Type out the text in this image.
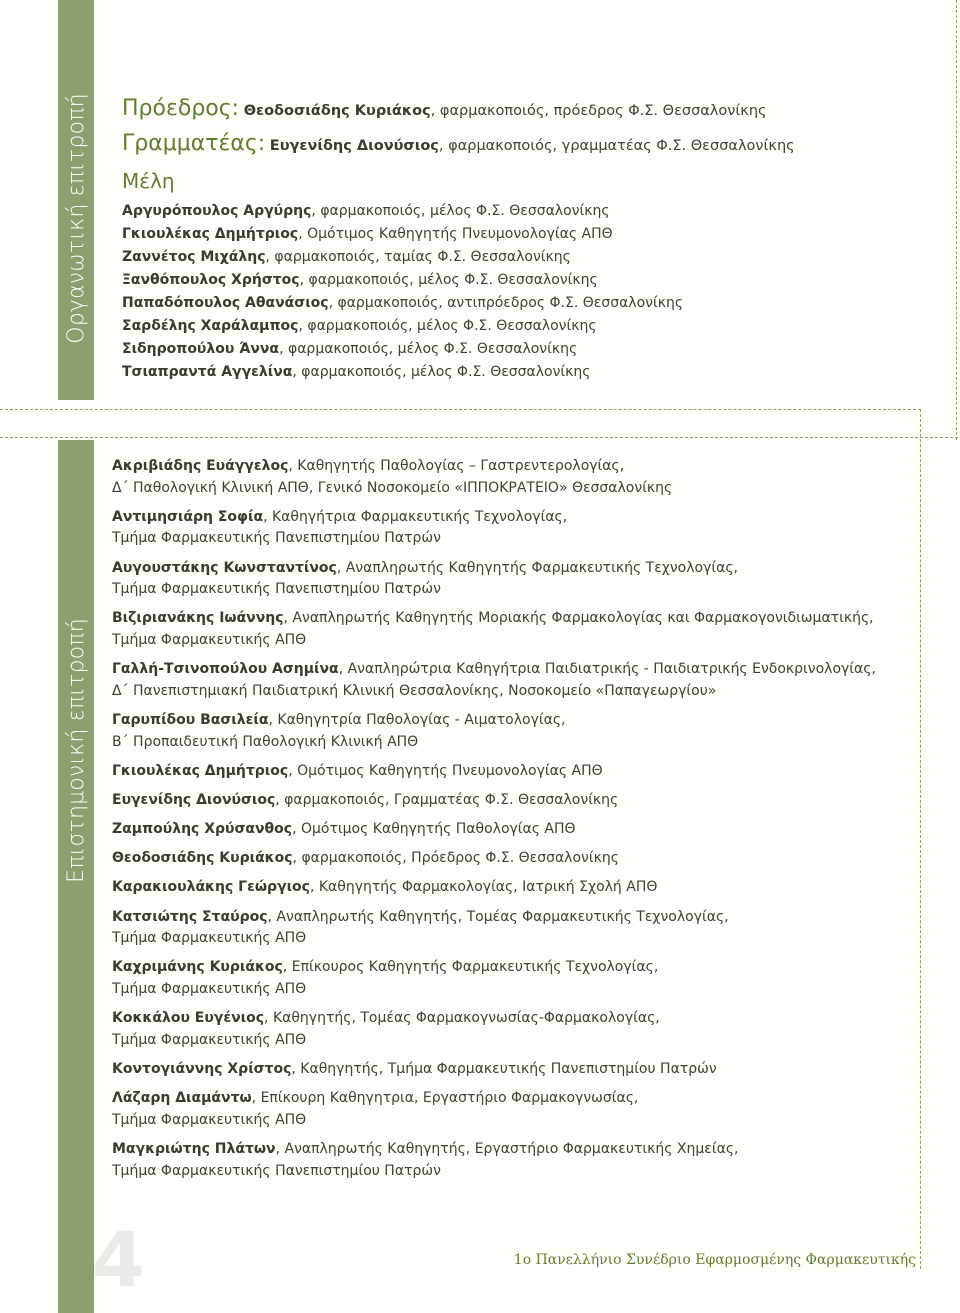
Οργανωτική επιτροπή
Επιστημονική επιτροπή
Πρόεδρος: Θεοδοσιάδης Κυριάκος, φαρμακοποιός, πρόεδρος Φ.Σ. Θεσσαλονίκης
Γραμματέας: Ευγενίδης Διονύσιος, φαρμακοποιός, γραμματέας Φ.Σ. Θεσσαλονίκης
Μέλη
Αργυρόπουλος Αργύρης, φαρμακοποιός, μέλος Φ.Σ. Θεσσαλονίκης
Γκιουλέκας Δημήτριος, Ομότιμος Καθηγητής Πνευμονολογίας ΑΠΘ
Ζαννέτος Μιχάλης, φαρμακοποιός, ταμίας Φ.Σ. Θεσσαλονίκης
Ξανθόπουλος Χρήστος, φαρμακοποιός, μέλος Φ.Σ. Θεσσαλονίκης
Παπαδόπουλος Αθανάσιος, φαρμακοποιός, αντιπρόεδρος Φ.Σ. Θεσσαλονίκης
Σαρδέλης Χαράλαμπος, φαρμακοποιός, μέλος Φ.Σ. Θεσσαλονίκης
Σιδηροπούλου Άννα, φαρμακοποιός, μέλος Φ.Σ. Θεσσαλονίκης
Τσιαπραντά Αγγελίνα, φαρμακοποιός, μέλος Φ.Σ. Θεσσαλονίκης
Ακριβιάδης Ευάγγελος, Καθηγητής Παθολογίας – Γαστρεντερολογίας,
Δ΄ Παθολογική Κλινική ΑΠΘ, Γενικό Νοσοκομείο «ΙΠΠΟΚΡΑΤΕΙΟ» Θεσσαλονίκης
Αντιμησιάρη Σοφία, Καθηγήτρια Φαρμακευτικής Τεχνολογίας,
Τμήμα Φαρμακευτικής Πανεπιστημίου Πατρών
Αυγουστάκης Κωνσταντίνος, Αναπληρωτής Καθηγητής Φαρμακευτικής Τεχνολογίας,
Τμήμα Φαρμακευτικής Πανεπιστημίου Πατρών
Βιζιριανάκης Ιωάννης, Αναπληρωτής Καθηγητής Μοριακής Φαρμακολογίας και Φαρμακογονιδιωματικής,
Τμήμα Φαρμακευτικής ΑΠΘ
Γαλλή-Τσινοπούλου Ασημίνα, Αναπληρώτρια Καθηγήτρια Παιδιατρικής - Παιδιατρικής Ενδοκρινολογίας,
Δ΄ Πανεπιστημιακή Παιδιατρική Κλινική Θεσσαλονίκης, Νοσοκομείο «Παπαγεωργίου»
Γαρυπίδου Βασιλεία, Καθηγητρία Παθολογίας - Αιματολογίας,
Β΄ Προπαιδευτική Παθολογική Κλινική ΑΠΘ
Γκιουλέκας Δημήτριος, Ομότιμος Καθηγητής Πνευμονολογίας ΑΠΘ
Ευγενίδης Διονύσιος, φαρμακοποιός, Γραμματέας Φ.Σ. Θεσσαλονίκης
Ζαμπούλης Χρύσανθος, Ομότιμος Καθηγητής Παθολογίας ΑΠΘ
Θεοδοσιάδης Κυριάκος, φαρμακοποιός, Πρόεδρος Φ.Σ. Θεσσαλονίκης
Καρακιουλάκης Γεώργιος, Καθηγητής Φαρμακολογίας, Ιατρική Σχολή ΑΠΘ
Κατσιώτης Σταύρος, Αναπληρωτής Καθηγητής, Τομέας Φαρμακευτικής Τεχνολογίας,
Τμήμα Φαρμακευτικής ΑΠΘ
Καχριμάνης Κυριάκος, Επίκουρος Καθηγητής Φαρμακευτικής Τεχνολογίας,
Τμήμα Φαρμακευτικής ΑΠΘ
Κοκκάλου Ευγένιος, Καθηγητής, Τομέας Φαρμακογνωσίας-Φαρμακολογίας,
Τμήμα Φαρμακευτικής ΑΠΘ
Κοντογιάννης Χρίστος, Καθηγητής, Τμήμα Φαρμακευτικής Πανεπιστημίου Πατρών
Λάζαρη Διαμάντω, Επίκουρη Καθηγητρια, Εργαστήριο Φαρμακογνωσίας,
Τμήμα Φαρμακευτικής ΑΠΘ
Μαγκριώτης Πλάτων, Αναπληρωτής Καθηγητής, Εργαστήριο Φαρμακευτικής Χημείας,
Τμήμα Φαρμακευτικής Πανεπιστημίου Πατρών
4	1ο Πανελλήνιο Συνέδριο Εφαρμοσμένης Φαρμακευτικής
